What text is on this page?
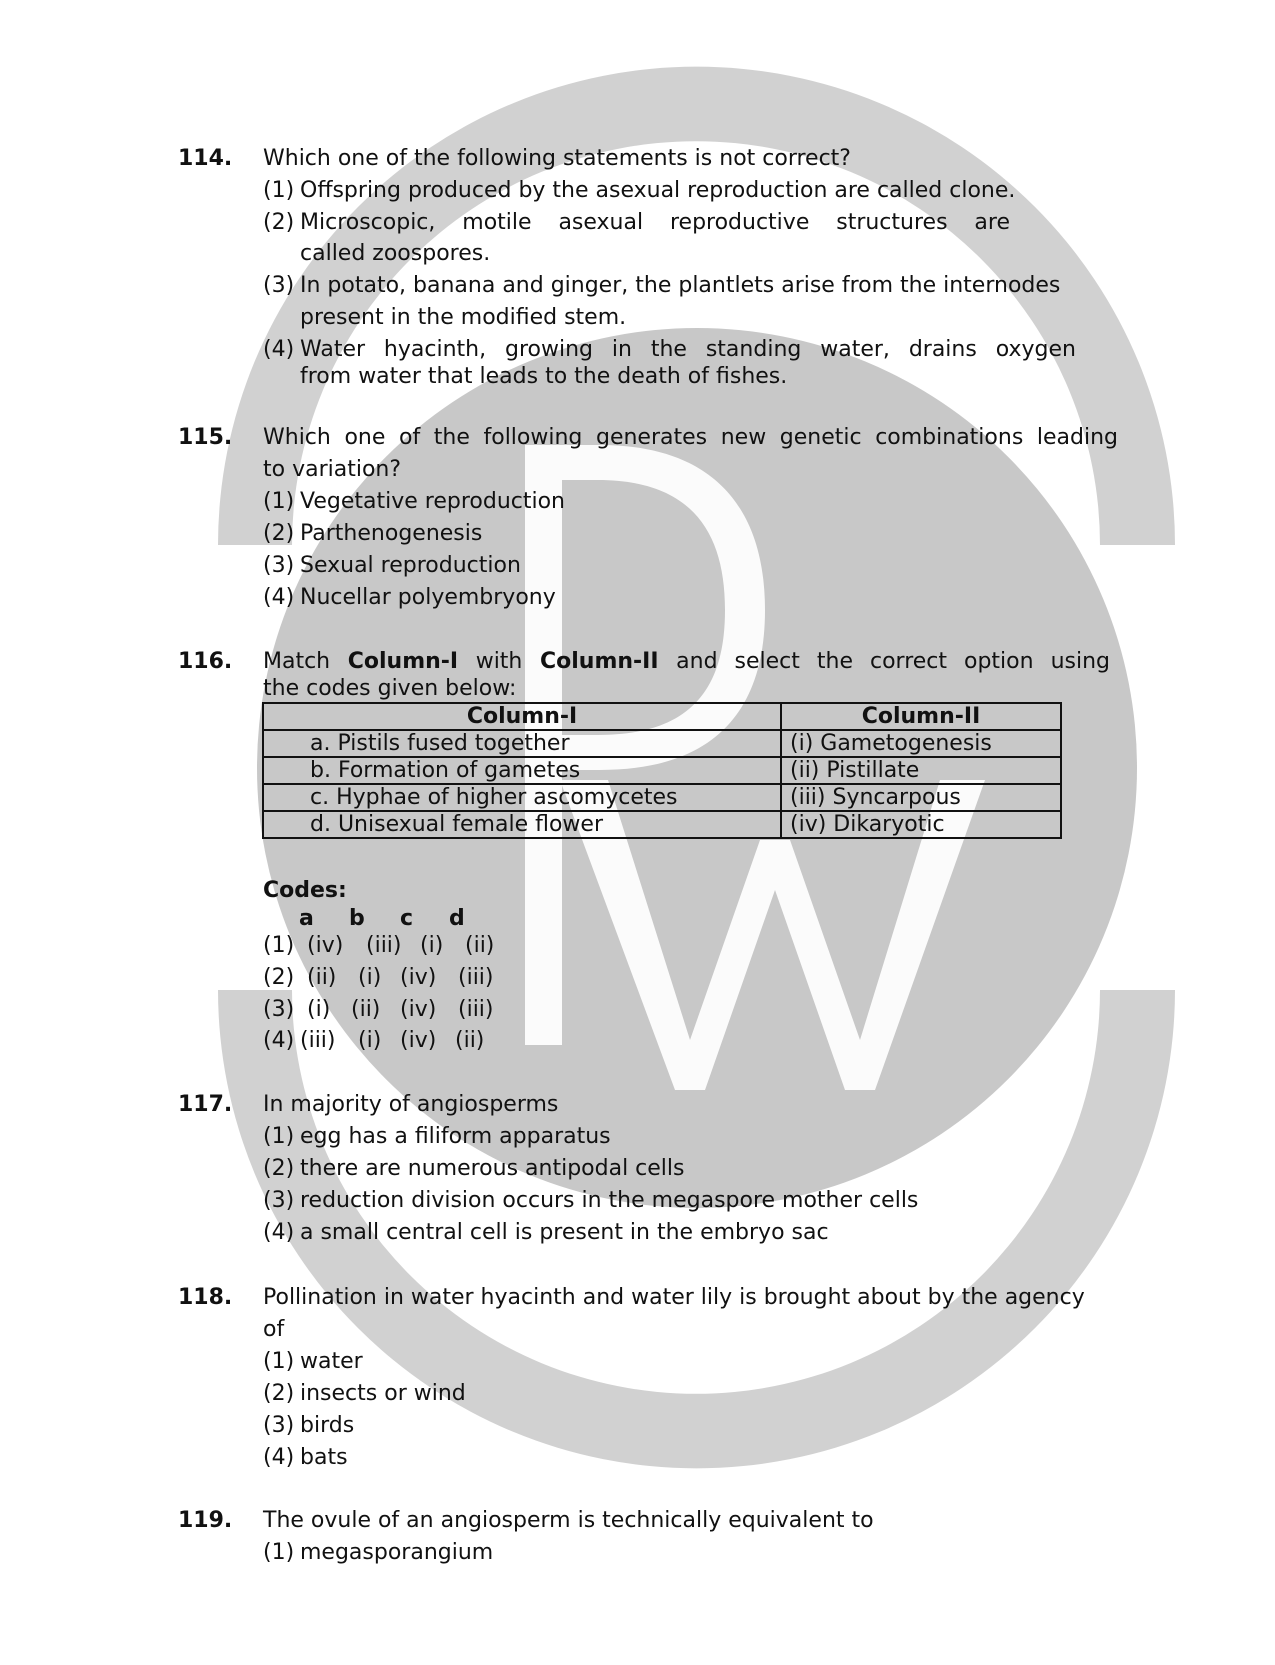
114. Which one of the following statements is not correct?
(1) Offspring produced by the asexual reproduction are called clone.
(2) Microscopic, motile asexual reproductive structures are
called zoospores.
(3) In potato, banana and ginger, the plantlets arise from the internodes
present in the modified stem.
(4) Water hyacinth, growing in the standing water, drains oxygen
from water that leads to the death of fishes.
115. Which one of the following generates new genetic combinations leading
to variation?
(1) Vegetative reproduction
(2) Parthenogenesis
(3) Sexual reproduction
(4) Nucellar polyembryony
116. Match Column-I with Column-II and select the correct option using
the codes given below:
Column-I	Column-II
a. Pistils fused together	(i) Gametogenesis
b. Formation of gametes	(ii) Pistillate
c. Hyphae of higher ascomycetes	(iii) Syncarpous
d. Unisexual female flower	(iv) Dikaryotic
Codes:
a b c d
(1) (iv) (iii) (i) (ii)
(2) (ii) (i) (iv) (iii)
(3) (i) (ii) (iv) (iii)
(4) (iii) (i) (iv) (ii)
117. In majority of angiosperms
(1) egg has a filiform apparatus
(2) there are numerous antipodal cells
(3) reduction division occurs in the megaspore mother cells
(4) a small central cell is present in the embryo sac
118. Pollination in water hyacinth and water lily is brought about by the agency
of
(1) water
(2) insects or wind
(3) birds
(4) bats
119. The ovule of an angiosperm is technically equivalent to
(1) megasporangium
